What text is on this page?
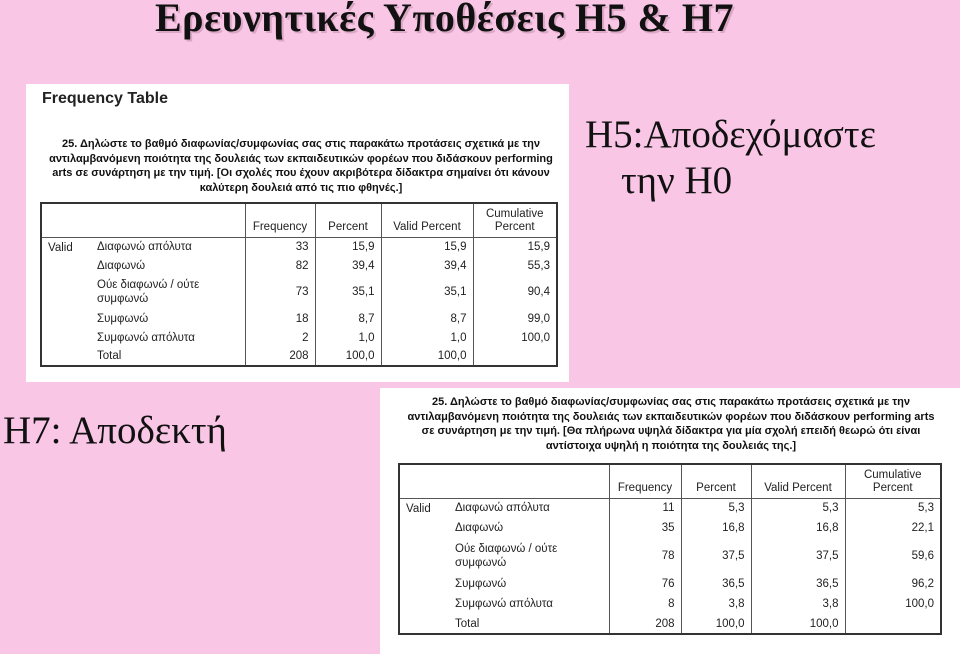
Ερευνητικές Υποθέσεις Η5 & Η7

Frequency Table

25. Δηλώστε το βαθμό διαφωνίας/συμφωνίας σας στις παρακάτω προτάσεις σχετικά με την αντιλαμβανόμενη ποιότητα της δουλειάς των εκπαιδευτικών φορέων που διδάσκουν performing arts σε συνάρτηση με την τιμή. [Οι σχολές που έχουν ακριβότερα δίδακτρα σημαίνει ότι κάνουν καλύτερη δουλειά από τις πιο φθηνές.]

		Frequency	Percent	Valid Percent	Cumulative Percent
Valid	Διαφωνώ απόλυτα	33	15,9	15,9	15,9
	Διαφωνώ	82	39,4	39,4	55,3
	Ούε διαφωνώ / ούτε συμφωνώ	73	35,1	35,1	90,4
	Συμφωνώ	18	8,7	8,7	99,0
	Συμφωνώ απόλυτα	2	1,0	1,0	100,0
	Total	208	100,0	100,0	

Η5:Αποδεχόμαστε
την Η0

Η7: Αποδεκτή

25. Δηλώστε το βαθμό διαφωνίας/συμφωνίας σας στις παρακάτω προτάσεις σχετικά με την αντιλαμβανόμενη ποιότητα της δουλειάς των εκπαιδευτικών φορέων που διδάσκουν performing arts σε συνάρτηση με την τιμή. [Θα πλήρωνα υψηλά δίδακτρα για μία σχολή επειδή θεωρώ ότι είναι αντίστοιχα υψηλή η ποιότητα της δουλειάς της.]

		Frequency	Percent	Valid Percent	Cumulative Percent
Valid	Διαφωνώ απόλυτα	11	5,3	5,3	5,3
	Διαφωνώ	35	16,8	16,8	22,1
	Ούε διαφωνώ / ούτε συμφωνώ	78	37,5	37,5	59,6
	Συμφωνώ	76	36,5	36,5	96,2
	Συμφωνώ απόλυτα	8	3,8	3,8	100,0
	Total	208	100,0	100,0	
